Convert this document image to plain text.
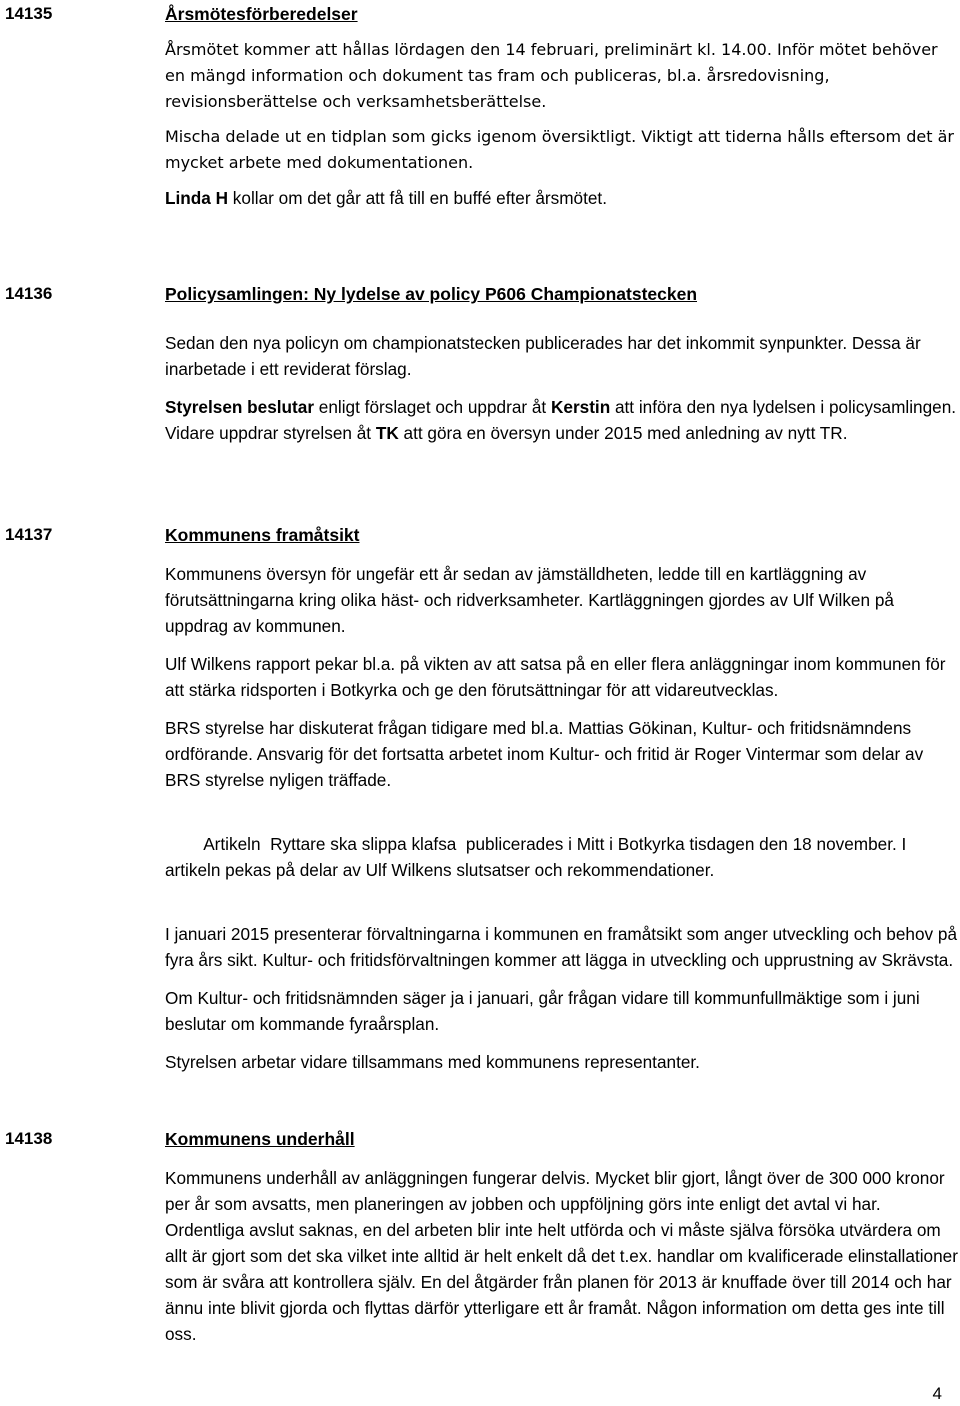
14135	Årsmötesförberedelser

Årsmötet kommer att hållas lördagen den 14 februari, preliminärt kl. 14.00. Inför mötet behöver en mängd information och dokument tas fram och publiceras, bl.a. årsredovisning, revisionsberättelse och verksamhetsberättelse.

Mischa delade ut en tidplan som gicks igenom översiktligt. Viktigt att tiderna hålls eftersom det är mycket arbete med dokumentationen.

Linda H kollar om det går att få till en buffé efter årsmötet.

14136	Policysamlingen: Ny lydelse av policy P606 Championatstecken

Sedan den nya policyn om championatstecken publicerades har det inkommit synpunkter. Dessa är inarbetade i ett reviderat förslag.

Styrelsen beslutar enligt förslaget och uppdrar åt Kerstin att införa den nya lydelsen i policysamlingen. Vidare uppdrar styrelsen åt TK att göra en översyn under 2015 med anledning av nytt TR.

14137	Kommunens framåtsikt

Kommunens översyn för ungefär ett år sedan av jämställdheten, ledde till en kartläggning av förutsättningarna kring olika häst- och ridverksamheter. Kartläggningen gjordes av Ulf Wilken på uppdrag av kommunen.

Ulf Wilkens rapport pekar bl.a. på vikten av att satsa på en eller flera anläggningar inom kommunen för att stärka ridsporten i Botkyrka och ge den förutsättningar för att vidareutvecklas.

BRS styrelse har diskuterat frågan tidigare med bl.a. Mattias Gökinan, Kultur- och fritidsnämndens ordförande. Ansvarig för det fortsatta arbetet inom Kultur- och fritid är Roger Vintermar som delar av BRS styrelse nyligen träffade.

Artikeln  Ryttare ska slippa klafsa  publicerades i Mitt i Botkyrka tisdagen den 18 november. I artikeln pekas på delar av Ulf Wilkens slutsatser och rekommendationer.

I januari 2015 presenterar förvaltningarna i kommunen en framåtsikt som anger utveckling och behov på fyra års sikt. Kultur- och fritidsförvaltningen kommer att lägga in utveckling och upprustning av Skrävsta.

Om Kultur- och fritidsnämnden säger ja i januari, går frågan vidare till kommunfullmäktige som i juni beslutar om kommande fyraårsplan.

Styrelsen arbetar vidare tillsammans med kommunens representanter.

14138	Kommunens underhåll

Kommunens underhåll av anläggningen fungerar delvis. Mycket blir gjort, långt över de 300 000 kronor per år som avsatts, men planeringen av jobben och uppföljning görs inte enligt det avtal vi har. Ordentliga avslut saknas, en del arbeten blir inte helt utförda och vi måste själva försöka utvärdera om allt är gjort som det ska vilket inte alltid är helt enkelt då det t.ex. handlar om kvalificerade elinstallationer som är svåra att kontrollera själv. En del åtgärder från planen för 2013 är knuffade över till 2014 och har ännu inte blivit gjorda och flyttas därför ytterligare ett år framåt. Någon information om detta ges inte till oss.

4
